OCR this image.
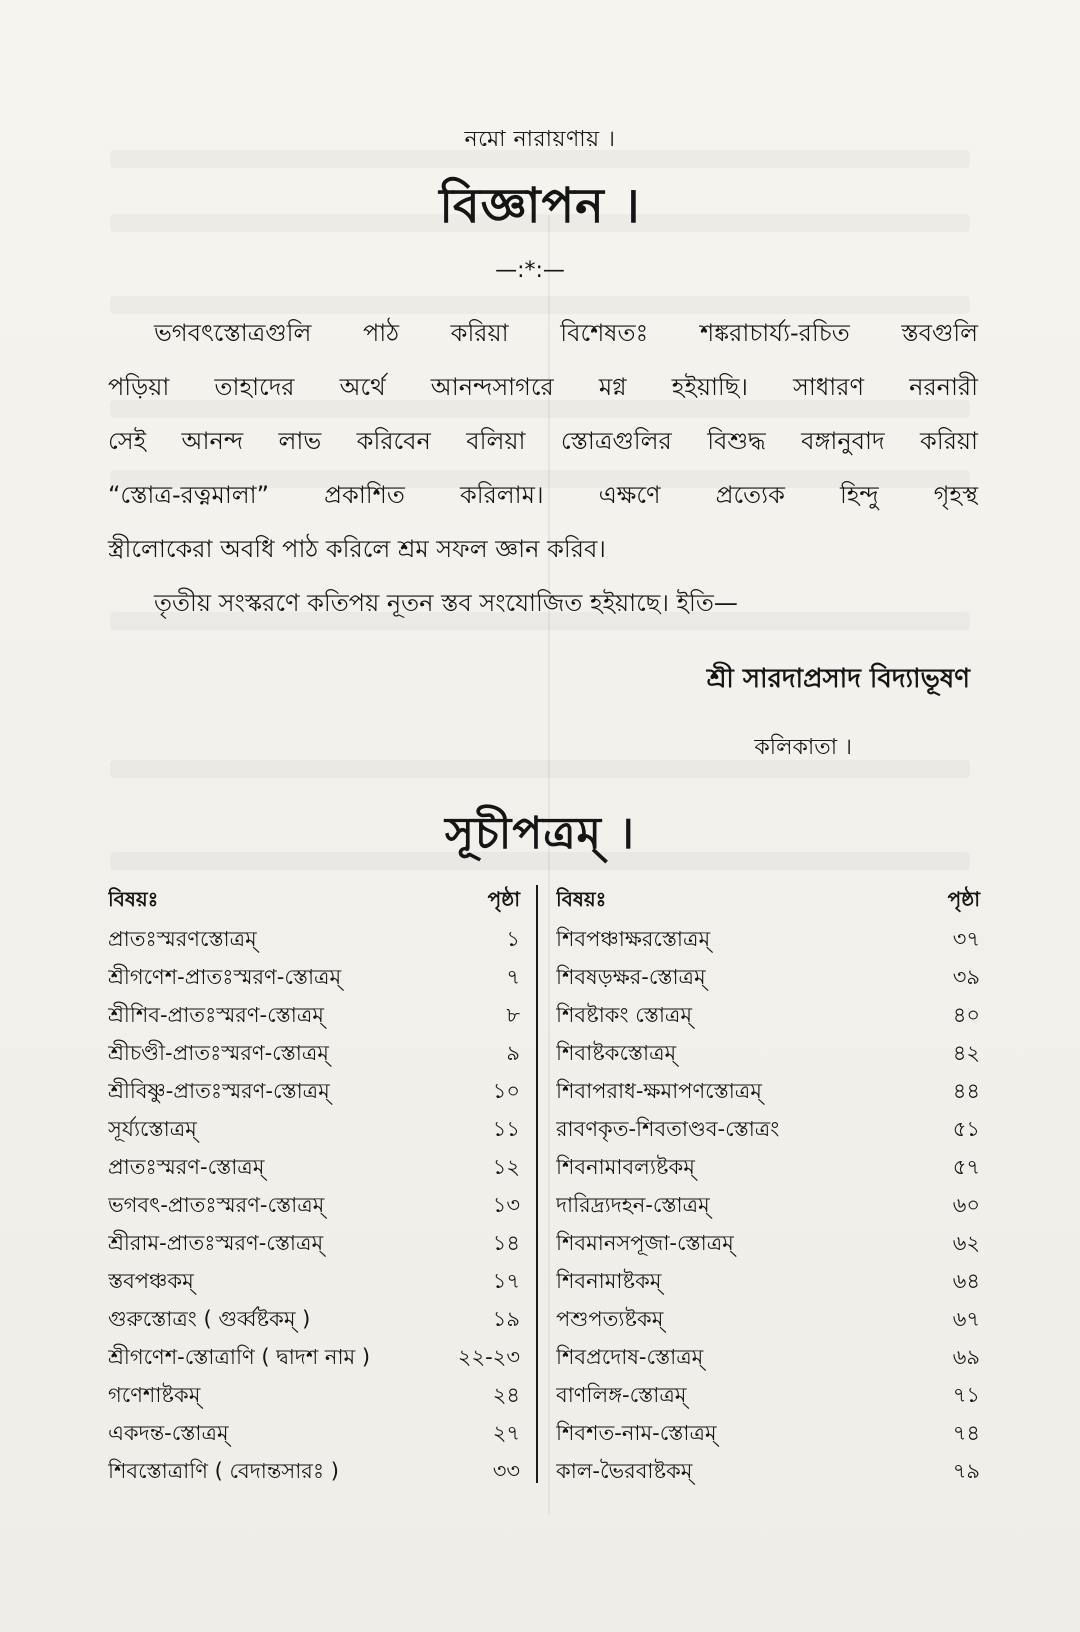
নমো নারায়ণায় ।
বিজ্ঞাপন ।
—:*:—

ভগবৎস্তোত্রগুলি পাঠ করিয়া বিশেষতঃ শঙ্করাচার্য্য-রচিত স্তবগুলি

পড়িয়া তাহাদের অর্থে আনন্দসাগরে মগ্ন হইয়াছি। সাধারণ নরনারী

সেই আনন্দ লাভ করিবেন বলিয়া স্তোত্রগুলির বিশুদ্ধ বঙ্গানুবাদ করিয়া

“স্তোত্র-রত্নমালা” প্রকাশিত করিলাম। এক্ষণে প্রত্যেক হিন্দু গৃহস্থ

স্ত্রীলোকেরা অবধি পাঠ করিলে শ্রম সফল জ্ঞান করিব।

তৃতীয় সংস্করণে কতিপয় নূতন স্তব সংযোজিত হইয়াছে। ইতি—

শ্রী সারদাপ্রসাদ বিদ্যাভূষণ
কলিকাতা ।
সূচীপত্রম্ ।
বিষয়ঃ	পৃষ্ঠা
প্রাতঃস্মরণস্তোত্রম্	১
শ্রীগণেশ-প্রাতঃস্মরণ-স্তোত্রম্	৭
শ্রীশিব-প্রাতঃস্মরণ-স্তোত্রম্	৮
শ্রীচণ্ডী-প্রাতঃস্মরণ-স্তোত্রম্	৯
শ্রীবিষ্ণু-প্রাতঃস্মরণ-স্তোত্রম্	১০
সূর্য্যস্তোত্রম্	১১
প্রাতঃস্মরণ-স্তোত্রম্	১২
ভগবৎ-প্রাতঃস্মরণ-স্তোত্রম্	১৩
শ্রীরাম-প্রাতঃস্মরণ-স্তোত্রম্	১৪
স্তবপঞ্চকম্	১৭
গুরুস্তোত্রং ( গুর্ব্বষ্টকম্ )	১৯
শ্রীগণেশ-স্তোত্রাণি ( দ্বাদশ নাম )	২২-২৩
গণেশাষ্টকম্	২৪
একদন্ত-স্তোত্রম্	২৭
শিবস্তোত্রাণি ( বেদান্তসারঃ )	৩৩
বিষয়ঃ	পৃষ্ঠা
শিবপঞ্চাক্ষরস্তোত্রম্	৩৭
শিবষড়ক্ষর-স্তোত্রম্	৩৯
শিবষ্টাকং স্তোত্রম্	৪০
শিবাষ্টকস্তোত্রম্	৪২
শিবাপরাধ-ক্ষমাপণস্তোত্রম্	৪৪
রাবণকৃত-শিবতাণ্ডব-স্তোত্রং	৫১
শিবনামাবল্যষ্টকম্	৫৭
দারিদ্র্যদহন-স্তোত্রম্	৬০
শিবমানসপূজা-স্তোত্রম্	৬২
শিবনামাষ্টকম্	৬৪
পশুপত্যষ্টকম্	৬৭
শিবপ্রদোষ-স্তোত্রম্	৬৯
বাণলিঙ্গ-স্তোত্রম্	৭১
শিবশত-নাম-স্তোত্রম্	৭৪
কাল-ভৈরবাষ্টকম্	৭৯
